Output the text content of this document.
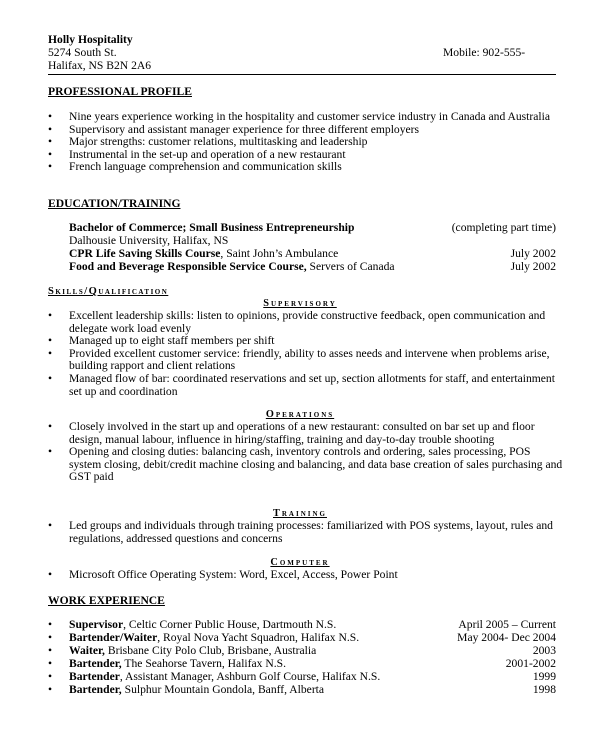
Holly Hospitality
5274 South St.
Halifax, NS B2N 2A6
Mobile: 902-555-
PROFESSIONAL PROFILE
• Nine years experience working in the hospitality and customer service industry in Canada and Australia
• Supervisory and assistant manager experience for three different employers
• Major strengths: customer relations, multitasking and leadership
• Instrumental in the set-up and operation of a new restaurant
• French language comprehension and communication skills
EDUCATION/TRAINING
Bachelor of Commerce; Small Business Entrepreneurship	(completing part time)
Dalhousie University, Halifax, NS
CPR Life Saving Skills Course, Saint John’s Ambulance	July 2002
Food and Beverage Responsible Service Course, Servers of Canada	July 2002
Skills/Qualification
Supervisory
• Excellent leadership skills: listen to opinions, provide constructive feedback, open communication and delegate work load evenly
• Managed up to eight staff members per shift
• Provided excellent customer service: friendly, ability to asses needs and intervene when problems arise, building rapport and client relations
• Managed flow of bar: coordinated reservations and set up, section allotments for staff, and entertainment set up and coordination
Operations
• Closely involved in the start up and operations of a new restaurant: consulted on bar set up and floor design, manual labour, influence in hiring/staffing, training and day-to-day trouble shooting
• Opening and closing duties: balancing cash, inventory controls and ordering, sales processing, POS system closing, debit/credit machine closing and balancing, and data base creation of sales purchasing and GST paid
Training
• Led groups and individuals through training processes: familiarized with POS systems, layout, rules and regulations, addressed questions and concerns
Computer
• Microsoft Office Operating System: Word, Excel, Access, Power Point
WORK EXPERIENCE
• Supervisor, Celtic Corner Public House, Dartmouth N.S.	April 2005 – Current
• Bartender/Waiter, Royal Nova Yacht Squadron, Halifax N.S.	May 2004- Dec 2004
• Waiter, Brisbane City Polo Club, Brisbane, Australia	2003
• Bartender, The Seahorse Tavern, Halifax N.S.	2001-2002
• Bartender, Assistant Manager, Ashburn Golf Course, Halifax N.S.	1999
• Bartender, Sulphur Mountain Gondola, Banff, Alberta	1998
